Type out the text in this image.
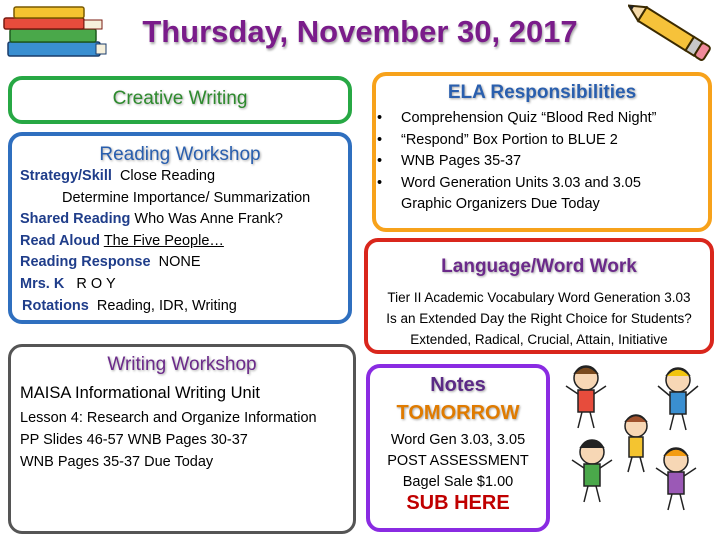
Thursday, November 30, 2017
Creative Writing
Reading Workshop
Strategy/Skill Close Reading
Determine Importance/ Summarization
Shared Reading Who Was Anne Frank?
Read Aloud The Five People…
Reading Response NONE
Mrs. K R O Y
Rotations Reading, IDR, Writing
Writing Workshop
MAISA Informational Writing Unit
Lesson 4: Research and Organize Information
PP Slides 46-57 WNB Pages 30-37
WNB Pages 35-37 Due Today
ELA Responsibilities
• Comprehension Quiz “Blood Red Night”
• “Respond” Box Portion to BLUE 2
• WNB Pages 35-37
• Word Generation Units 3.03 and 3.05
Graphic Organizers Due Today
Language/Word Work
Tier II Academic Vocabulary Word Generation 3.03
Is an Extended Day the Right Choice for Students?
Extended, Radical, Crucial, Attain, Initiative
Notes
TOMORROW
Word Gen 3.03, 3.05
POST ASSESSMENT
Bagel Sale $1.00
SUB HERE
